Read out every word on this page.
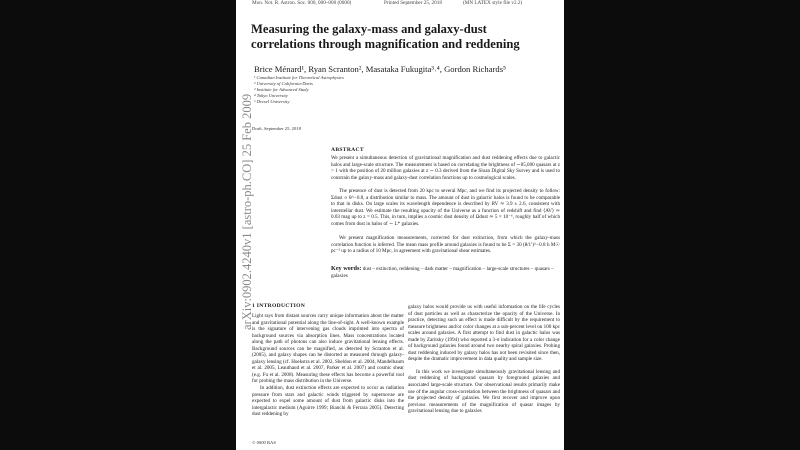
Mon. Not. R. Astron. Soc. 000, 000–000 (0000)	Printed September 25, 2018	(MN LATEX style file v2.2)
arXiv:0902.4240v1 [astro-ph.CO] 25 Feb 2009
Measuring the galaxy-mass and galaxy-dust correlations through magnification and reddening
Brice Ménard¹, Ryan Scranton², Masataka Fukugita³˒⁴, Gordon Richards⁵
¹ Canadian Institute for Theoretical Astrophysics
² University of California-Davis
³ Institute for Advanced Study
⁴ Tokyo University
⁵ Drexel University
Draft, September 25, 2018
ABSTRACT
We present a simultaneous detection of gravitational magnification and dust reddening effects due to galactic halos and large-scale structure. The measurement is based on correlating the brightness of ∼85,000 quasars at z > 1 with the position of 20 million galaxies at z ∼ 0.3 derived from the Sloan Digital Sky Survey and is used to constrain the galaxy-mass and galaxy-dust correlation functions up to cosmological scales.
The presence of dust is detected from 20 kpc to several Mpc, and we find its projected density to follow: Σdust ∝ θ^−0.8, a distribution similar to mass. The amount of dust in galactic halos is found to be comparable to that in disks. On large scales its wavelength dependence is described by RV ≃ 3.9 ± 2.6, consistent with interstellar dust. We estimate the resulting opacity of the Universe as a function of redshift and find ⟨AV⟩ ≃ 0.03 mag up to z = 0.5. This, in turn, implies a cosmic dust density of Ωdust ≃ 5 × 10⁻⁶, roughly half of which comes from dust in halos of ∼ L* galaxies.
We present magnification measurements, corrected for dust extinction, from which the galaxy-mass correlation function is inferred. The mean mass profile around galaxies is found to be Σ = 30 (θ/1′)^−0.8 h M☉ pc⁻² up to a radius of 10 Mpc, in agreement with gravitational shear estimates.
Key words: dust – extinction, reddening – dark matter – magnification – large-scale structures – quasars – galaxies
1 INTRODUCTION

Light rays from distant sources carry unique information about the matter and gravitational potential along the line-of-sight. A well-known example is the signature of intervening gas clouds imprinted into spectra of background sources via absorption lines. Mass concentrations located along the path of photons can also induce gravitational lensing effects. Background sources can be magnified, as detected by Scranton et al. (2005), and galaxy shapes can be distorted as measured through galaxy-galaxy lensing (cf. Hoekstra et al. 2002, Sheldon et al. 2004, Mandelbaum et al. 2005, Leauthaud et al. 2007, Parker et al. 2007) and cosmic shear (e.g. Fu et al. 2008). Measuring these effects has become a powerful tool for probing the mass distribution in the Universe.

In addition, dust extinction effects are expected to occur as radiation pressure from stars and galactic winds triggered by supernovae are expected to expel some amount of dust from galactic disks into the intergalactic medium (Aguirre 1999; Bianchi & Ferrara 2005). Detecting dust reddening by

galaxy halos would provide us with useful information on the life cycles of dust particles as well as characterize the opacity of the Universe. In practice, detecting such an effect is made difficult by the requirement to measure brightness and/or color changes at a sub-percent level on 100 kpc scales around galaxies. A first attempt to find dust in galactic halos was made by Zaritsky (1994) who reported a 3-σ indication for a color change of background galaxies found around two nearby spiral galaxies. Probing dust reddening induced by galaxy halos has not been revisited since then, despite the dramatic improvement in data quality and sample size.

In this work we investigate simultaneously gravitational lensing and dust reddening of background quasars by foreground galaxies and associated large-scale structure. Our observational results primarily make use of the angular cross-correlation between the brightness of quasars and the projected density of galaxies. We first recover and improve upon previous measurements of the magnification of quasar images by gravitational lensing due to galaxies

© 0000 RAS
